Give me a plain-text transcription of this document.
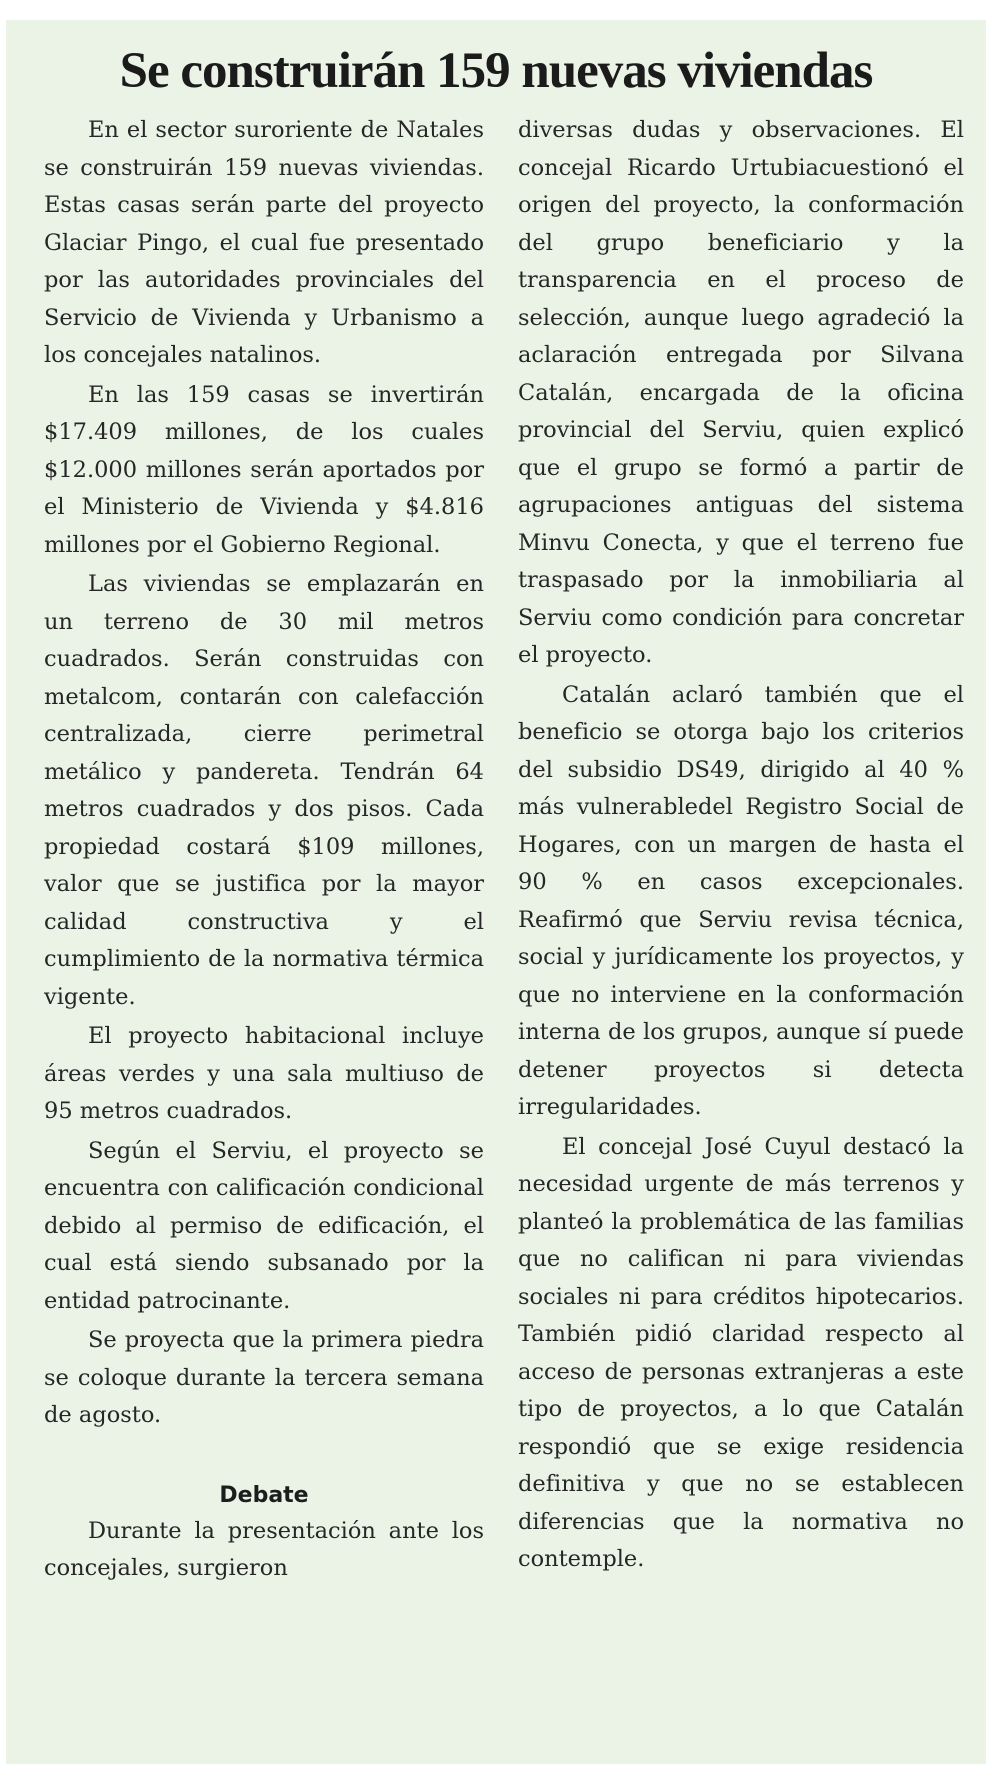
Se construirán 159 nuevas viviendas

En el sector suroriente de Natales se construirán 159 nuevas viviendas. Estas casas serán parte del proyecto Glaciar Pingo, el cual fue presentado por las autoridades provinciales del Servicio de Vivienda y Urbanismo a los concejales natalinos.

En las 159 casas se invertirán $17.409 millones, de los cuales $12.000 millones serán aportados por el Ministerio de Vivienda y $4.816 millones por el Gobierno Regional.

Las viviendas se emplazarán en un terreno de 30 mil metros cuadrados. Serán construidas con metalcom, contarán con calefacción centralizada, cierre perimetral metálico y pandereta. Tendrán 64 metros cuadrados y dos pisos. Cada propiedad costará $109 millones, valor que se justifica por la mayor calidad constructiva y el cumplimiento de la normativa térmica vigente.

El proyecto habitacional incluye áreas verdes y una sala multiuso de 95 metros cuadrados.

Según el Serviu, el proyecto se encuentra con calificación condicional debido al permiso de edificación, el cual está siendo subsanado por la entidad patrocinante.

Se proyecta que la primera piedra se coloque durante la tercera semana de agosto.

Debate

Durante la presentación ante los concejales, surgieron

diversas dudas y observaciones. El concejal Ricardo Urtubiacuestionó el origen del proyecto, la conformación del grupo beneficiario y la transparencia en el proceso de selección, aunque luego agradeció la aclaración entregada por Silvana Catalán, encargada de la oficina provincial del Serviu, quien explicó que el grupo se formó a partir de agrupaciones antiguas del sistema Minvu Conecta, y que el terreno fue traspasado por la inmobiliaria al Serviu como condición para concretar el proyecto.

Catalán aclaró también que el beneficio se otorga bajo los criterios del subsidio DS49, dirigido al 40 % más vulnerabledel Registro Social de Hogares, con un margen de hasta el 90 % en casos excepcionales. Reafirmó que Serviu revisa técnica, social y jurídicamente los proyectos, y que no interviene en la conformación interna de los grupos, aunque sí puede detener proyectos si detecta irregularidades.

El concejal José Cuyul destacó la necesidad urgente de más terrenos y planteó la problemática de las familias que no califican ni para viviendas sociales ni para créditos hipotecarios. También pidió claridad respecto al acceso de personas extranjeras a este tipo de proyectos, a lo que Catalán respondió que se exige residencia definitiva y que no se establecen diferencias que la normativa no contemple.
